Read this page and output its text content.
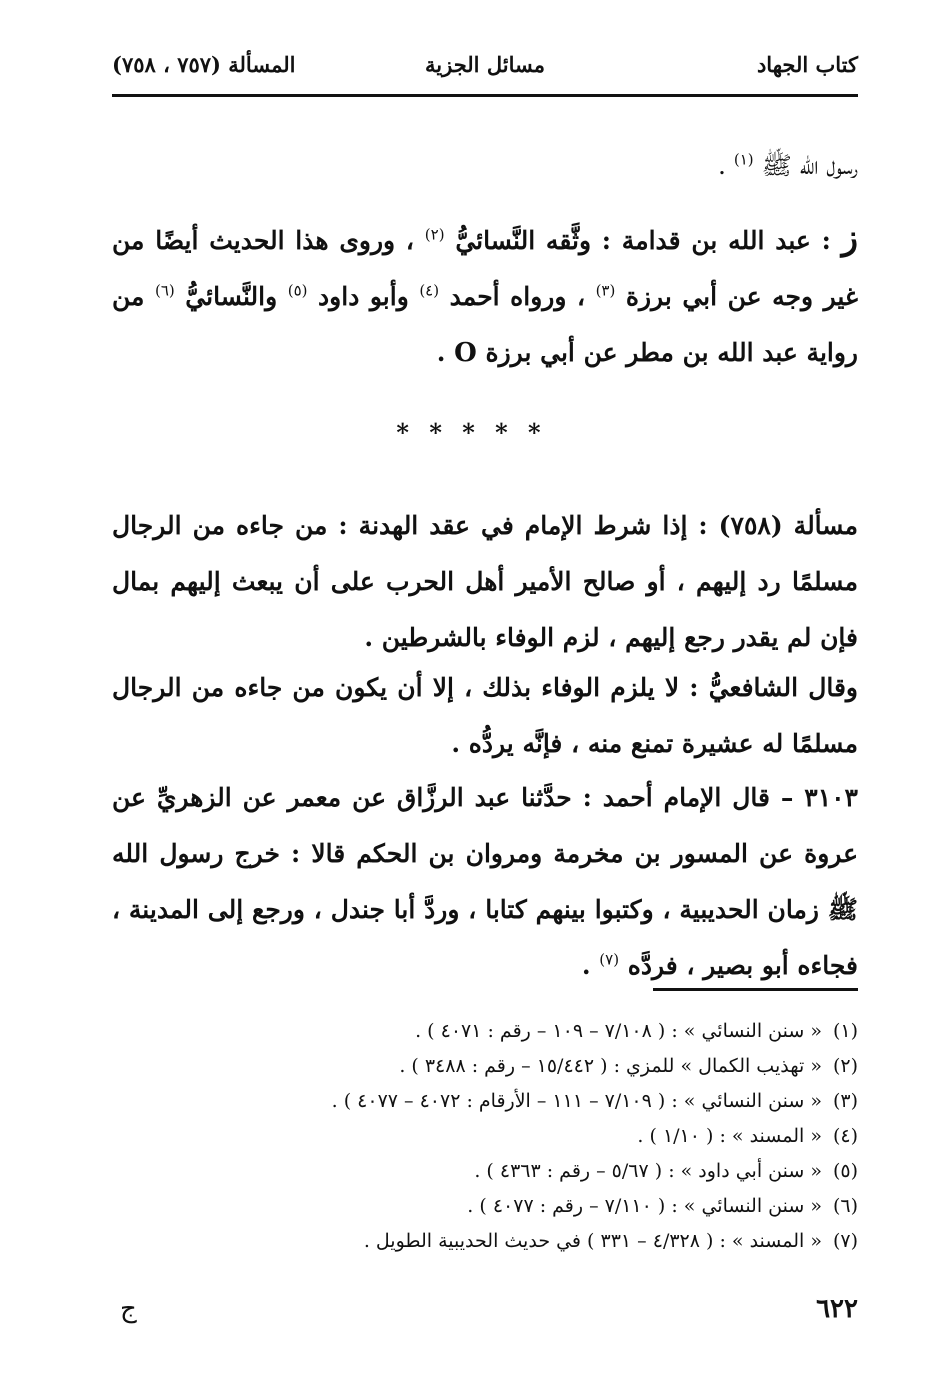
كتاب الجهاد
مسائل الجزية
المسألة (٧٥٧ ، ٧٥٨)

رسول الله ﷺ $^{(١)}$ .

ز : عبد الله بن قدامة : وثَّقه النَّسائيُّ $^{(٢)}$ ، وروى هذا الحديث أيضًا من غير وجه عن أبي برزة $^{(٣)}$ ، ورواه أحمد $^{(٤)}$ وأبو داود $^{(٥)}$ والنَّسائيُّ $^{(٦)}$ من رواية عبد الله بن مطر عن أبي برزة O .

* * * * *

مسألة (٧٥٨) : إذا شرط الإمام في عقد الهدنة : من جاءه من الرجال مسلمًا رد إليهم ، أو صالح الأمير أهل الحرب على أن يبعث إليهم بمال فإن لم يقدر رجع إليهم ، لزم الوفاء بالشرطين .

وقال الشافعيُّ : لا يلزم الوفاء بذلك ، إلا أن يكون من جاءه من الرجال مسلمًا له عشيرة تمنع منه ، فإنَّه يردُّه .

٣١٠٣ – قال الإمام أحمد : حدَّثنا عبد الرزَّاق عن معمر عن الزهريِّ عن عروة عن المسور بن مخرمة ومروان بن الحكم قالا : خرج رسول الله ﷺ زمان الحديبية ، وكتبوا بينهم كتابا ، وردَّ أبا جندل ، ورجع إلى المدينة ، فجاءه أبو بصير ، فردَّه $^{(٧)}$ .

(١) « سنن النسائي » : ( ٧/١٠٨ – ١٠٩ – رقم : ٤٠٧١ ) .
(٢) « تهذيب الكمال » للمزي : ( ١٥/٤٤٢ – رقم : ٣٤٨٨ ) .
(٣) « سنن النسائي » : ( ٧/١٠٩ – ١١١ – الأرقام : ٤٠٧٢ – ٤٠٧٧ ) .
(٤) « المسند » : ( ١/١٠ ) .
(٥) « سنن أبي داود » : ( ٥/٦٧ – رقم : ٤٣٦٣ ) .
(٦) « سنن النسائي » : ( ٧/١١٠ – رقم : ٤٠٧٧ ) .
(٧) « المسند » : ( ٤/٣٢٨ – ٣٣١ ) في حديث الحديبية الطويل .
٦٢٢
ج
